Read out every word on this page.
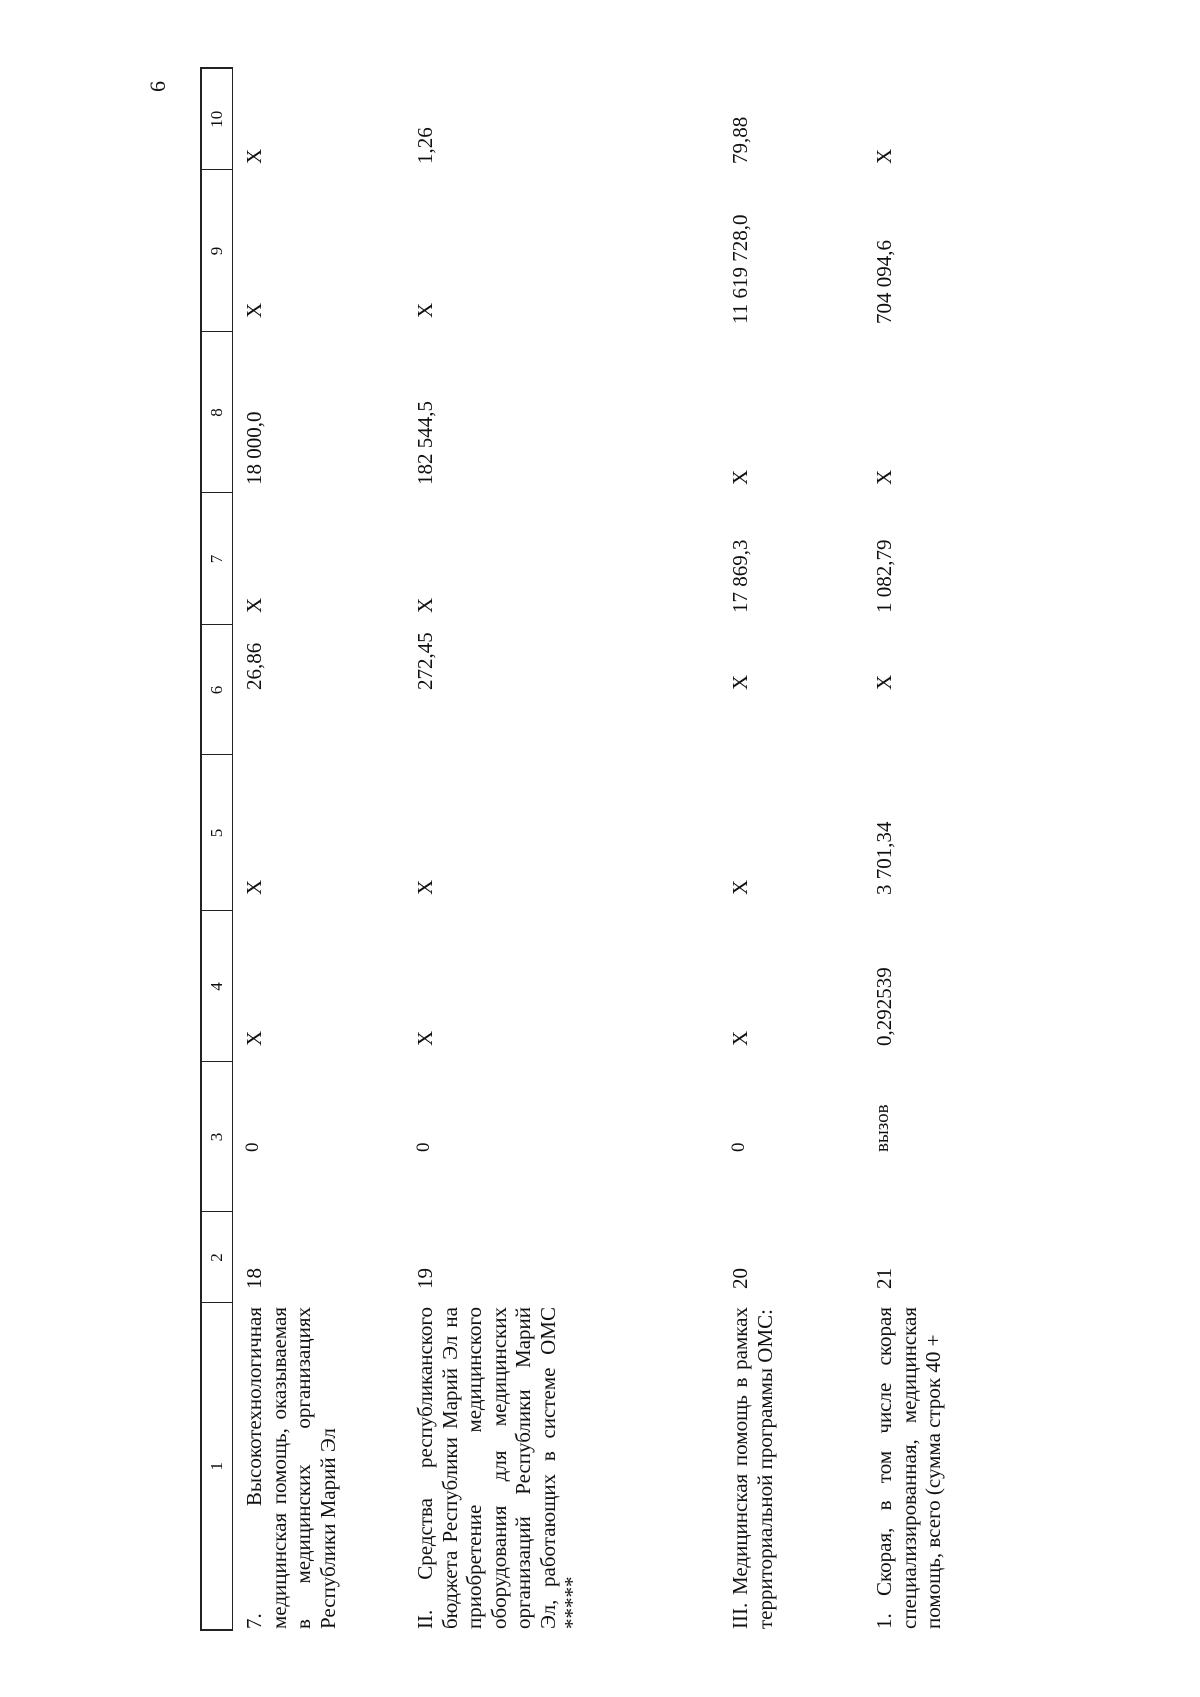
6
1	2	3	4	5	6	7	8	9	10
7. Высокотехнологичная медицинская помощь, оказываемая в медицинских организациях Республики Марий Эл	18	0	X	X	26,86	X	18 000,0	X	X
II. Средства республиканского бюджета Республики Марий Эл на приобретение медицинского оборудования для медицинских организаций Республики Марий Эл, работающих в системе ОМС *****	19	0	X	X	272,45	X	182 544,5	X	1,26
III. Медицинская помощь в рамках территориальной программы ОМС:	20	0	X	X	X	17 869,3	X	11 619 728,0	79,88
1. Скорая, в том числе скорая специализированная, медицинская помощь, всего (сумма строк 40 +	21	вызов	0,292539	3 701,34	X	1 082,79	X	704 094,6	X
